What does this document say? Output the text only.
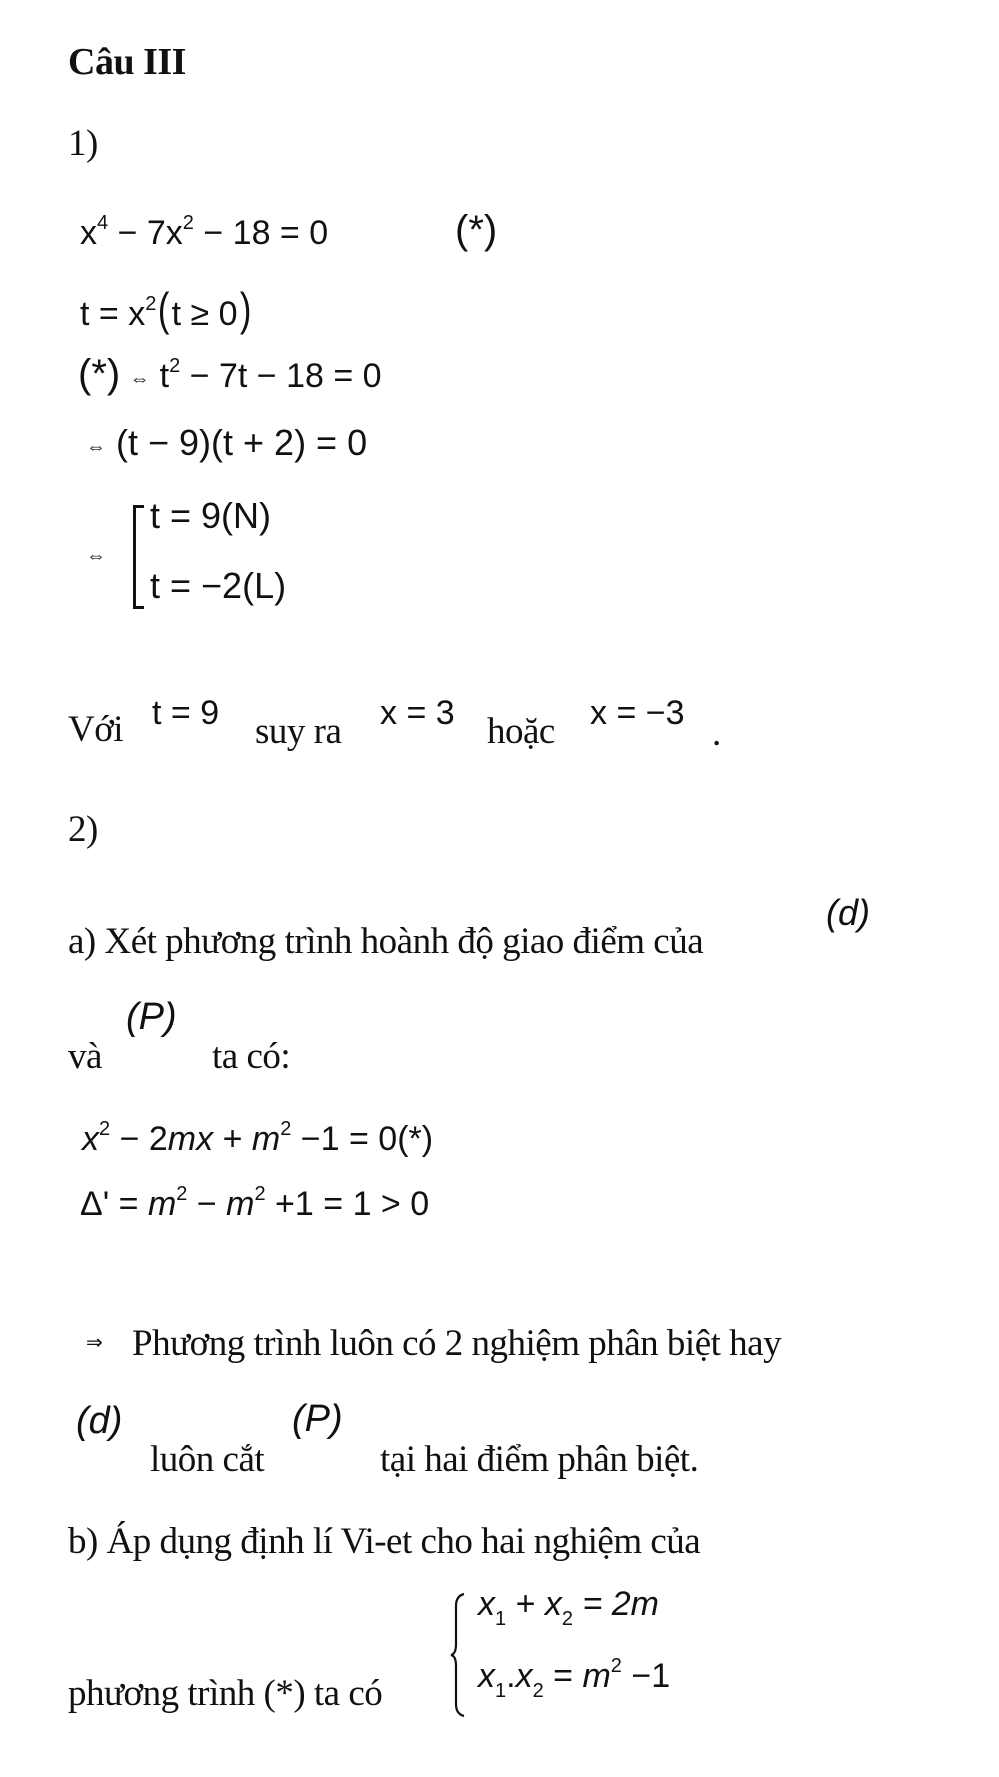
Câu III
1)
$x^4 - 7x^2 - 18 = 0$	(*)
$t = x^2(t \ge 0)$
(*) ⇔ $t^2 - 7t - 18 = 0$
⇔ (t − 9)(t + 2) = 0
⇔
t = 9(N)
t = −2(L)
Với t = 9 suy ra x = 3 hoặc x = −3 .
2)
a) Xét phương trình hoành độ giao điểm của
(d)
và
(P)
ta có:
$x^2 - 2mx + m^2 -1 = 0(*)$
$\Delta' = m^2 - m^2 +1 = 1 > 0$
⇒ Phương trình luôn có 2 nghiệm phân biệt hay
(d)
luôn cắt
(P)
tại hai điểm phân biệt.
b) Áp dụng định lí Vi-et cho hai nghiệm của
phương trình (*) ta có
$x_1 + x_2 = 2m$
$x_1.x_2 = m^2 -1$
